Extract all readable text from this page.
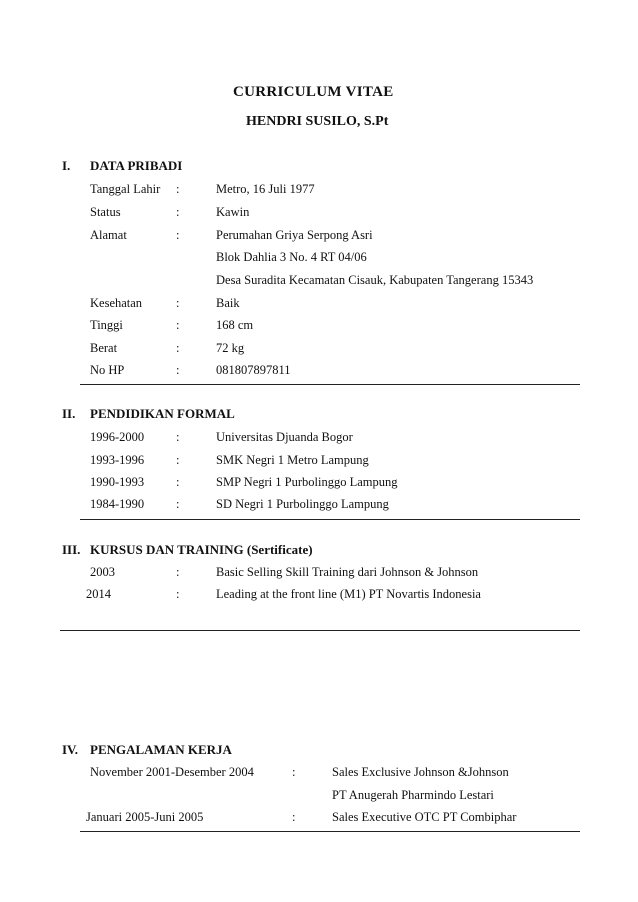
CURRICULUM VITAE
HENDRI SUSILO, S.Pt
I. DATA PRIBADI
Tanggal Lahir :	Metro, 16 Juli 1977
Status	:	Kawin
Alamat	:	Perumahan Griya Serpong Asri
Blok Dahlia 3 No. 4 RT 04/06
Desa Suradita Kecamatan Cisauk, Kabupaten Tangerang 15343
Kesehatan	:	Baik
Tinggi	:	168 cm
Berat	:	72 kg
No HP	:	081807897811
II. PENDIDIKAN FORMAL
1996-2000	:	Universitas Djuanda Bogor
1993-1996	:	SMK Negri 1 Metro Lampung
1990-1993	:	SMP Negri 1 Purbolinggo Lampung
1984-1990	:	SD Negri 1 Purbolinggo Lampung
III. KURSUS DAN TRAINING (Sertificate)
2003	:	Basic Selling Skill Training dari Johnson & Johnson
2014	:	Leading at the front line (M1) PT Novartis Indonesia
IV. PENGALAMAN KERJA
November 2001-Desember 2004	:	Sales Exclusive Johnson &Johnson
PT Anugerah Pharmindo Lestari
Januari 2005-Juni 2005	:	Sales Executive OTC PT Combiphar
